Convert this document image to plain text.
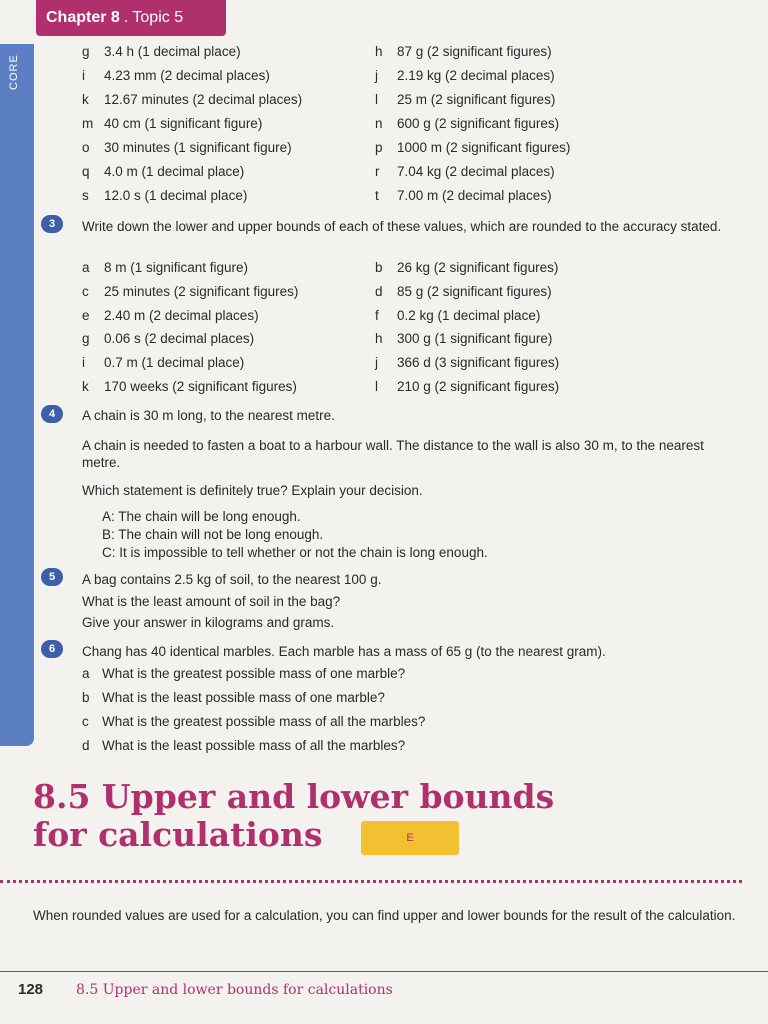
Chapter 8 . Topic 5
CORE
g 3.4 h (1 decimal place)	h 87 g (2 significant figures)
i 4.23 mm (2 decimal places)	j 2.19 kg (2 decimal places)
k 12.67 minutes (2 decimal places)	l 25 m (2 significant figures)
m 40 cm (1 significant figure)	n 600 g (2 significant figures)
o 30 minutes (1 significant figure)	p 1000 m (2 significant figures)
q 4.0 m (1 decimal place)	r 7.04 kg (2 decimal places)
s 12.0 s (1 decimal place)	t 7.00 m (2 decimal places)
3	Write down the lower and upper bounds of each of these values, which are rounded to the accuracy stated.
a 8 m (1 significant figure)	b 26 kg (2 significant figures)
c 25 minutes (2 significant figures)	d 85 g (2 significant figures)
e 2.40 m (2 decimal places)	f 0.2 kg (1 decimal place)
g 0.06 s (2 decimal places)	h 300 g (1 significant figure)
i 0.7 m (1 decimal place)	j 366 d (3 significant figures)
k 170 weeks (2 significant figures)	l 210 g (2 significant figures)
4	A chain is 30 m long, to the nearest metre.
A chain is needed to fasten a boat to a harbour wall. The distance to the wall is also 30 m, to the nearest metre.
Which statement is definitely true? Explain your decision.
A: The chain will be long enough.
B: The chain will not be long enough.
C: It is impossible to tell whether or not the chain is long enough.
5	A bag contains 2.5 kg of soil, to the nearest 100 g.
What is the least amount of soil in the bag?
Give your answer in kilograms and grams.
6	Chang has 40 identical marbles. Each marble has a mass of 65 g (to the nearest gram).
a What is the greatest possible mass of one marble?
b What is the least possible mass of one marble?
c What is the greatest possible mass of all the marbles?
d What is the least possible mass of all the marbles?
8.5 Upper and lower bounds
for calculations	E
When rounded values are used for a calculation, you can find upper and lower bounds for the result of the calculation.
128 8.5 Upper and lower bounds for calculations
